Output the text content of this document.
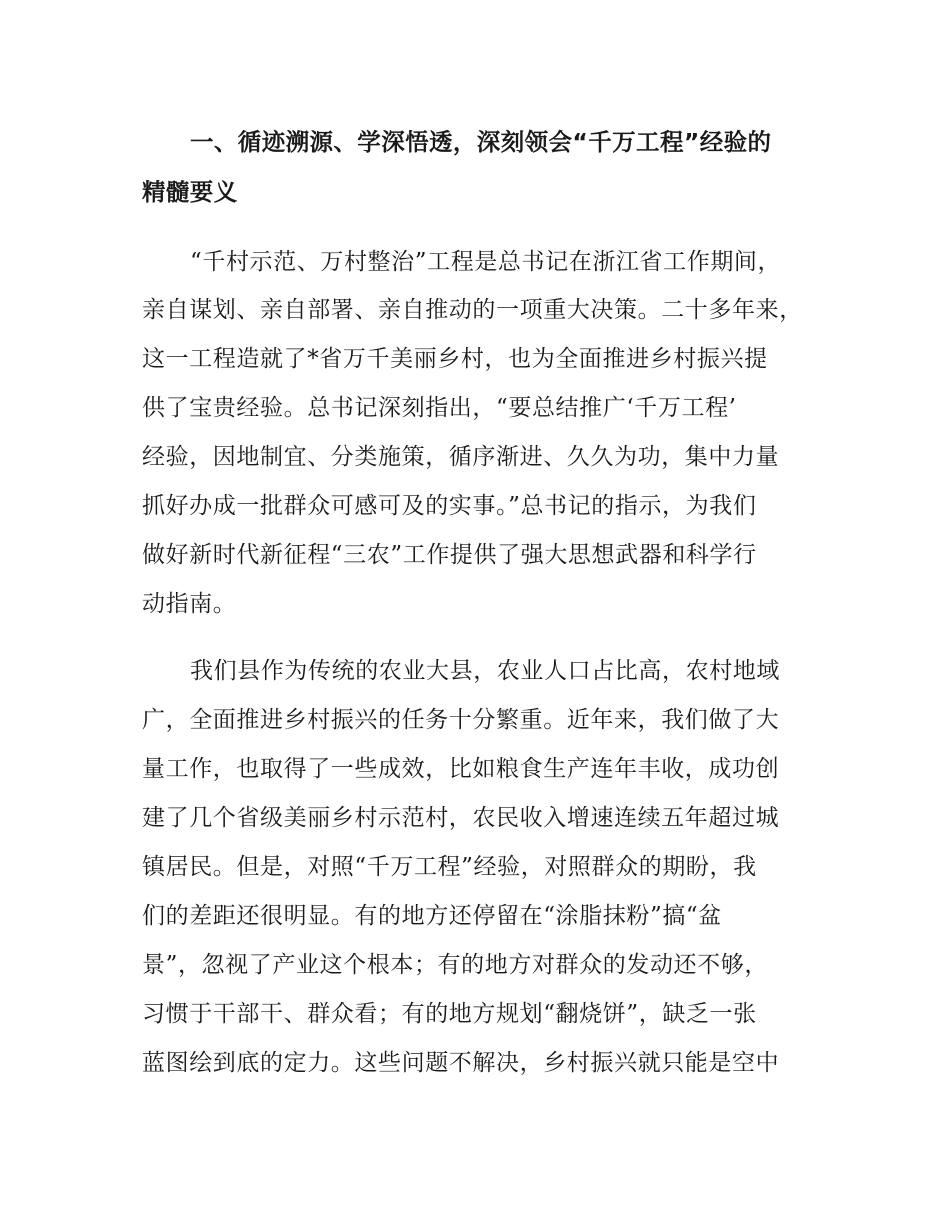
一、循迹溯源、学深悟透，深刻领会“千万工程”经验的
精髓要义
“千村示范、万村整治”工程是总书记在浙江省工作期间，
亲自谋划、亲自部署、亲自推动的一项重大决策。二十多年来，
这一工程造就了*省万千美丽乡村，也为全面推进乡村振兴提
供了宝贵经验。总书记深刻指出，“要总结推广‘千万工程’
经验，因地制宜、分类施策，循序渐进、久久为功，集中力量
抓好办成一批群众可感可及的实事。”总书记的指示，为我们
做好新时代新征程“三农”工作提供了强大思想武器和科学行
动指南。
我们县作为传统的农业大县，农业人口占比高，农村地域
广，全面推进乡村振兴的任务十分繁重。近年来，我们做了大
量工作，也取得了一些成效，比如粮食生产连年丰收，成功创
建了几个省级美丽乡村示范村，农民收入增速连续五年超过城
镇居民。但是，对照“千万工程”经验，对照群众的期盼，我
们的差距还很明显。有的地方还停留在“涂脂抹粉”搞“盆
景”，忽视了产业这个根本；有的地方对群众的发动还不够，
习惯于干部干、群众看；有的地方规划“翻烧饼”，缺乏一张
蓝图绘到底的定力。这些问题不解决，乡村振兴就只能是空中
